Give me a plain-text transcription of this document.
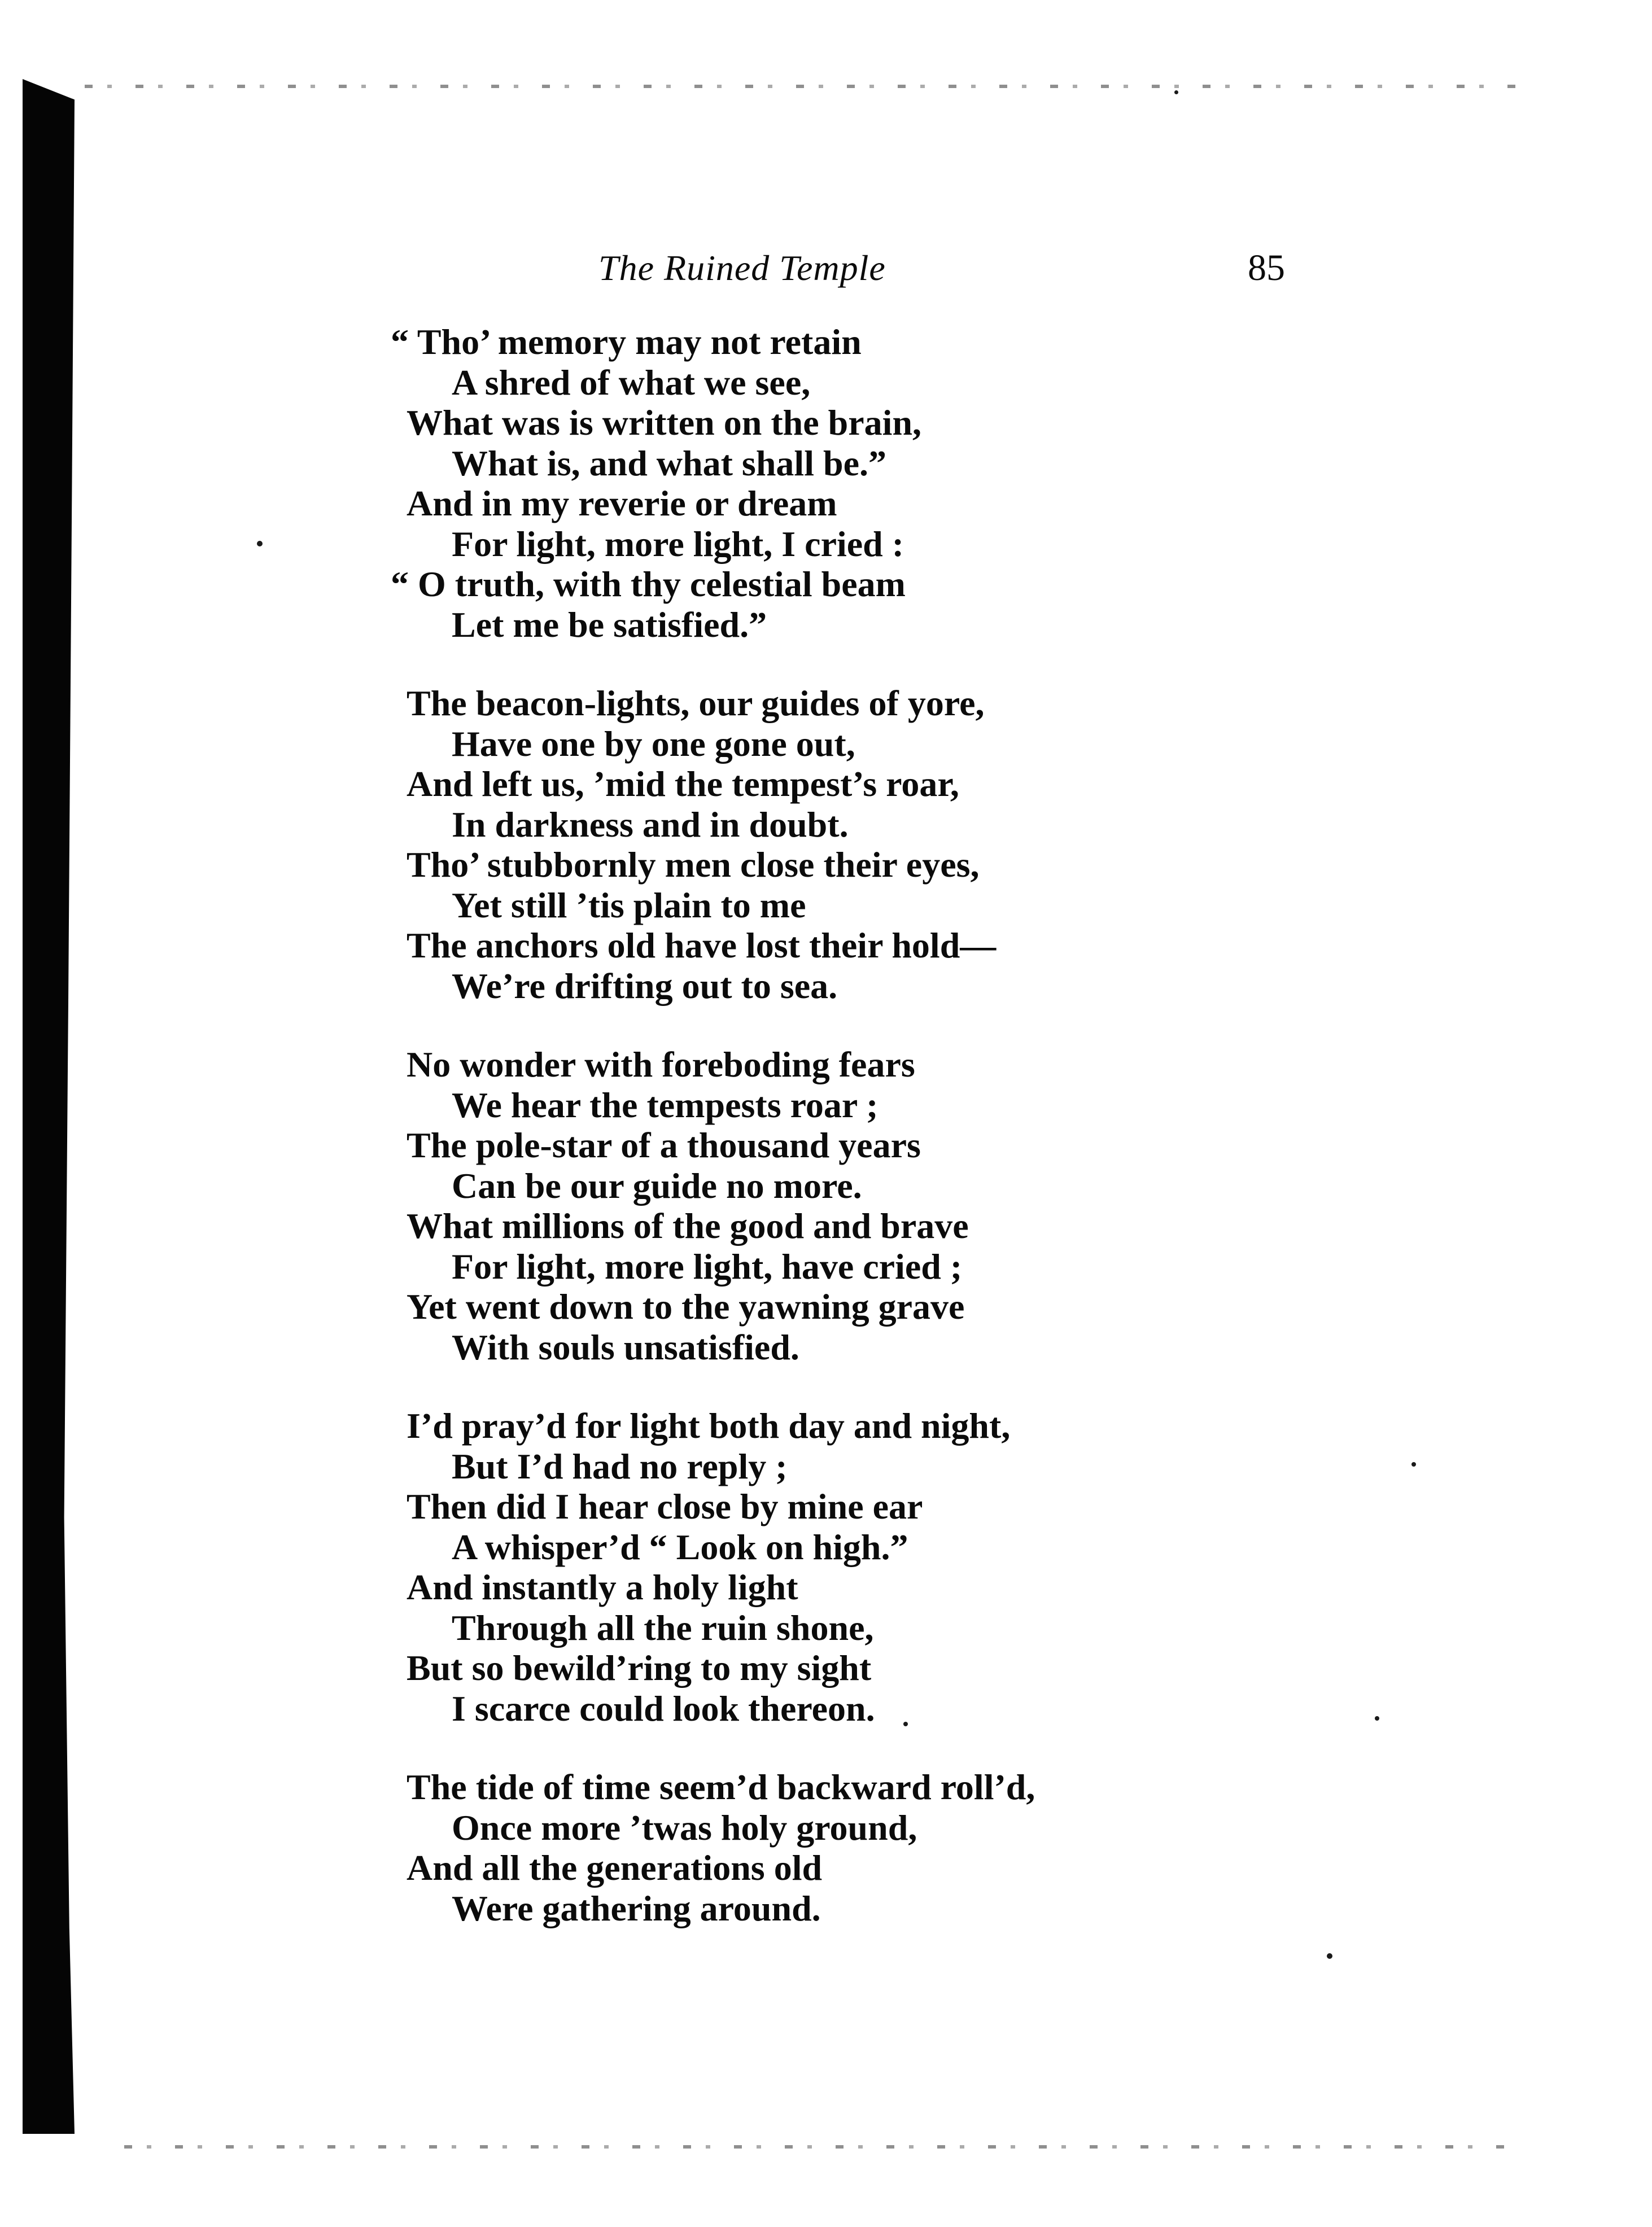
The Ruined Temple	85
“ Tho’ memory may not retain
A shred of what we see,
What was is written on the brain,
What is, and what shall be.”
And in my reverie or dream
For light, more light, I cried :
“ O truth, with thy celestial beam
Let me be satisfied.”
The beacon-lights, our guides of yore,
Have one by one gone out,
And left us, ’mid the tempest’s roar,
In darkness and in doubt.
Tho’ stubbornly men close their eyes,
Yet still ’tis plain to me
The anchors old have lost their hold—
We’re drifting out to sea.
No wonder with foreboding fears
We hear the tempests roar ;
The pole-star of a thousand years
Can be our guide no more.
What millions of the good and brave
For light, more light, have cried ;
Yet went down to the yawning grave
With souls unsatisfied.
I’d pray’d for light both day and night,
But I’d had no reply ;
Then did I hear close by mine ear
A whisper’d “ Look on high.”
And instantly a holy light
Through all the ruin shone,
But so bewild’ring to my sight
I scarce could look thereon.
The tide of time seem’d backward roll’d,
Once more ’twas holy ground,
And all the generations old
Were gathering around.
